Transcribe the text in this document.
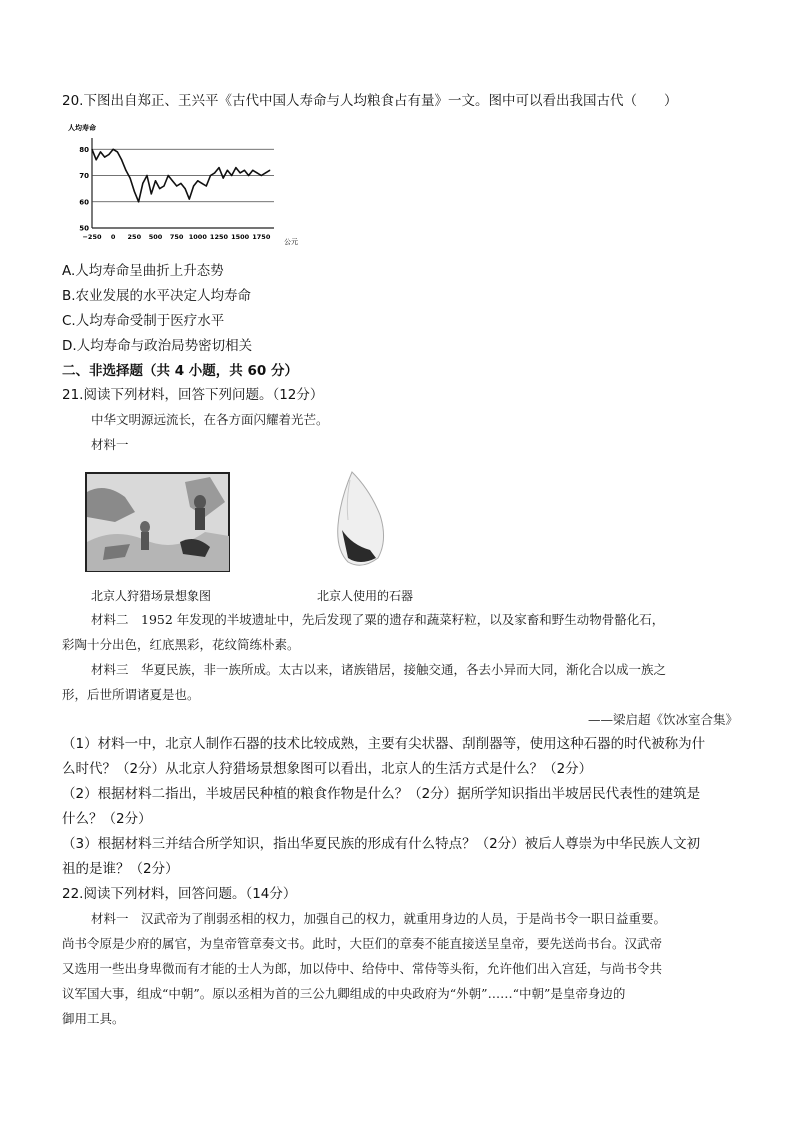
20.下图出自郑正、王兴平《古代中国人寿命与人均粮食占有量》一文。图中可以看出我国古代（　　）
人均寿命
公元
50
60
70
80
−250 0 250 500 750 1000 1250 1500 1750
A.人均寿命呈曲折上升态势
B.农业发展的水平决定人均寿命
C.人均寿命受制于医疗水平
D.人均寿命与政治局势密切相关
二、非选择题（共 4 小题，共 60 分）
21.阅读下列材料，回答下列问题。（12分）
中华文明源远流长，在各方面闪耀着光芒。
材料一
北京人狩猎场景想象图	北京人使用的石器
材料二　1952 年发现的半坡遗址中，先后发现了粟的遗存和蔬菜籽粒，以及家畜和野生动物骨骼化石，
彩陶十分出色，红底黑彩，花纹简练朴素。
材料三　华夏民族，非一族所成。太古以来，诸族错居，接触交通，各去小异而大同，渐化合以成一族之
形，后世所谓诸夏是也。
——梁启超《饮冰室合集》
（1）材料一中，北京人制作石器的技术比较成熟，主要有尖状器、刮削器等，使用这种石器的时代被称为什
么时代？（2分）从北京人狩猎场景想象图可以看出，北京人的生活方式是什么？（2分）
（2）根据材料二指出，半坡居民种植的粮食作物是什么？（2分）据所学知识指出半坡居民代表性的建筑是
什么？（2分）
（3）根据材料三并结合所学知识，指出华夏民族的形成有什么特点？（2分）被后人尊崇为中华民族人文初
祖的是谁？（2分）
22.阅读下列材料，回答问题。（14分）
材料一　汉武帝为了削弱丞相的权力，加强自己的权力，就重用身边的人员，于是尚书令一职日益重要。
尚书令原是少府的属官，为皇帝管章奏文书。此时，大臣们的章奏不能直接送呈皇帝，要先送尚书台。汉武帝
又选用一些出身卑微而有才能的士人为郎，加以侍中、给侍中、常侍等头衔，允许他们出入宫廷，与尚书令共
议军国大事，组成“中朝”。原以丞相为首的三公九卿组成的中央政府为“外朝”……“中朝”是皇帝身边的
御用工具。
